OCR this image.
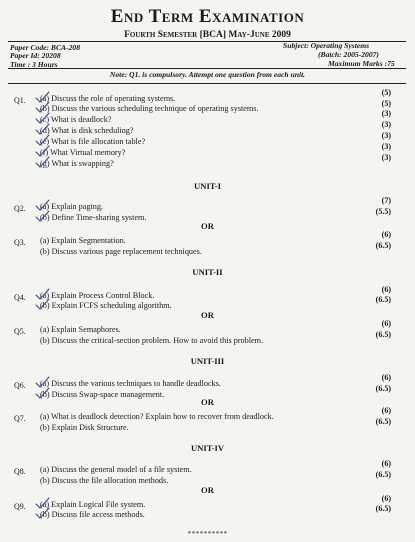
End Term Examination
Fourth Semester [BCA] May-June 2009
Paper Code: BCA-208
Paper Id: 20208
Time : 3 Hours
Subject: Operating Systems
(Batch: 2005-2007)
Maximum Marks :75
Note: Q1. is compulsory. Attempt one question from each unit.
Q1. (a) Discuss the role of operating systems.
(5)
(b) Discuss the various scheduling technique of operating systems.
(5)
(c) What is deadlock?
(3)
(d) What is disk scheduling?
(3)
(e) What is file allocation table?
(3)
(f) What Virtual memory?
(3)
(g) What is swapping?
(3)
UNIT-I
Q2. (a) Explain paging.
(7)
(b) Define Time-sharing system.
(5.5)
OR
Q3. (a) Explain Segmentation.
(6)
(b) Discuss various page replacement techniques.
(6.5)
UNIT-II
Q4. (a) Explain Process Control Block.
(6)
(b) Explain FCFS scheduling algorithm.
(6.5)
OR
Q5. (a) Explain Semaphores.
(6)
(b) Discuss the critical-section problem. How to avoid this problem.
(6.5)
UNIT-III
Q6. (a) Discuss the various techniques to handle deadlocks.
(6)
(b) Discuss Swap-space management.
(6.5)
OR
Q7. (a) What is deadlock detection? Explain how to recover from deadlock.
(6)
(b) Explain Disk Structure.
(6.5)
UNIT-IV
Q8. (a) Discuss the general model of a file system.
(6)
(b) Discuss the file allocation methods.
(6.5)
OR
Q9. (a) Explain Logical File system.
(6)
(b) Discuss file access methods.
(6.5)
**********
